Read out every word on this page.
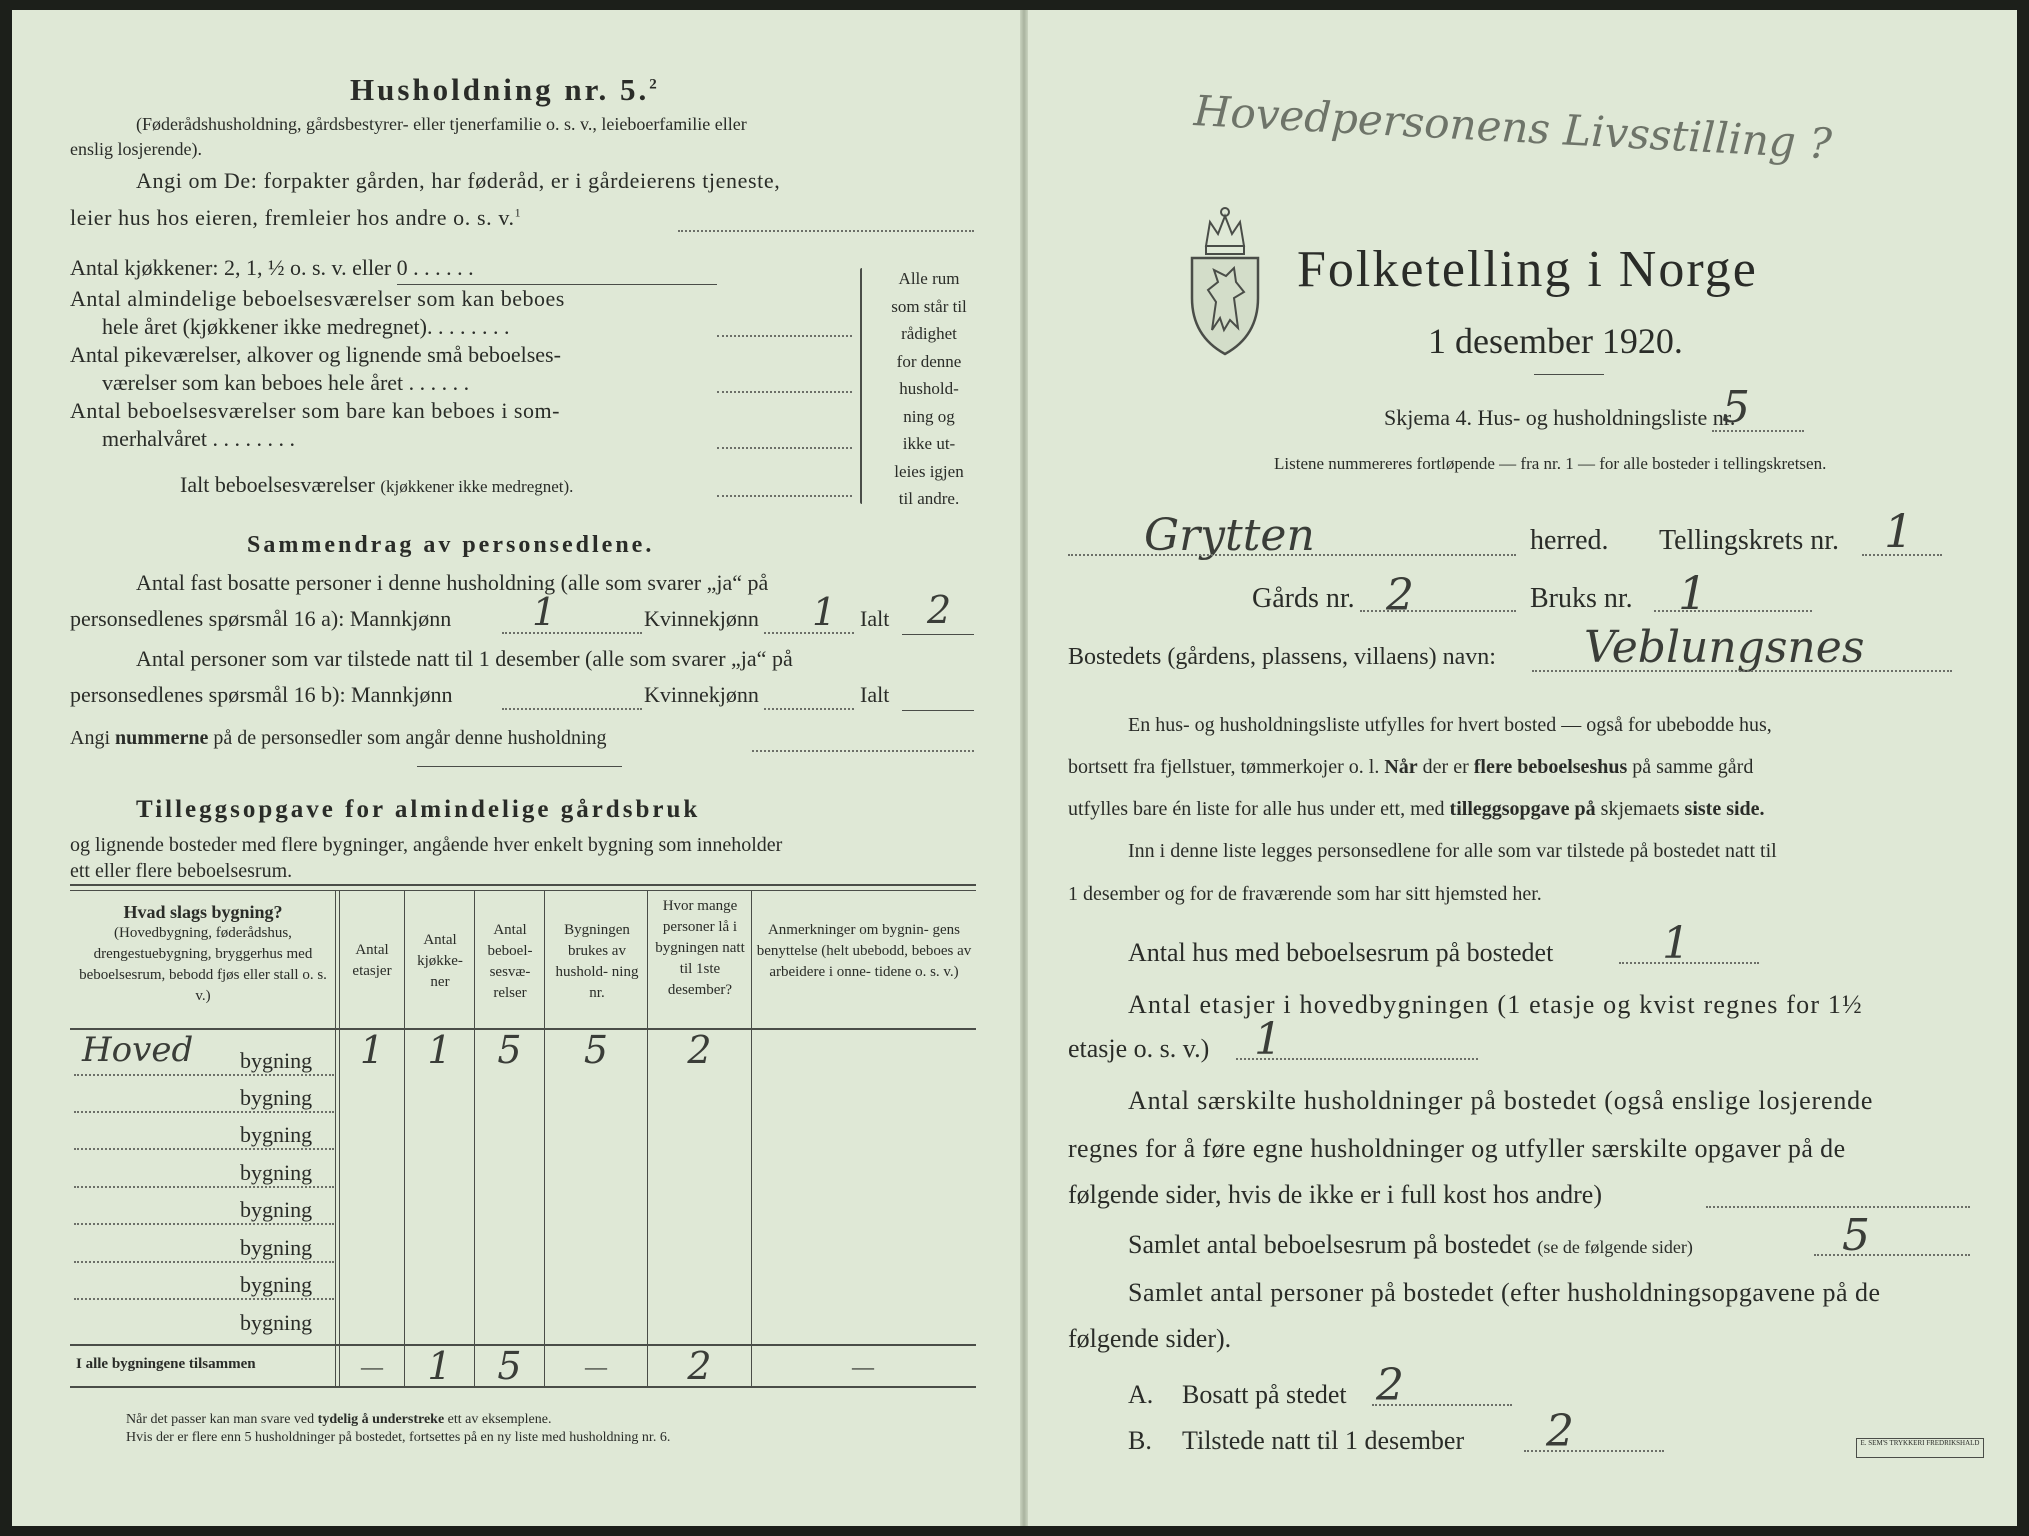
Husholdning nr. 5.$^2$
(Føderådshusholdning, gårdsbestyrer- eller tjenerfamilie o. s. v., leieboerfamilie eller
enslig losjerende).
Angi om De: forpakter gården, har føderåd, er i gårdeierens tjeneste,
leier hus hos eieren, fremleier hos andre o. s. v.$^1$
Antal kjøkkener: 2, 1, ½ o. s. v. eller 0 . . . . . .
Antal almindelige beboelsesværelser som kan beboes
hele året (kjøkkener ikke medregnet). . . . . . . .
Antal pikeværelser, alkover og lignende små beboelses-
værelser som kan beboes hele året . . . . . .
Antal beboelsesværelser som bare kan beboes i som-
merhalvåret . . . . . . . .
Ialt beboelsesværelser (kjøkkener ikke medregnet).
Alle rum
som står til
rådighet
for denne
hushold-
ning og
ikke ut-
leies igjen
til andre.
Sammendrag av personsedlene.
Antal fast bosatte personer i denne husholdning (alle som svarer „ja“ på
personsedlenes spørsmål 16 a): Mannkjønn 1	Kvinnekjønn 1 Ialt 2
Antal personer som var tilstede natt til 1 desember (alle som svarer „ja“ på
personsedlenes spørsmål 16 b): Mannkjønn	Kvinnekjønn	Ialt
Angi nummerne på de personsedler som angår denne husholdning
Tilleggsopgave for almindelige gårdsbruk
og lignende bosteder med flere bygninger, angående hver enkelt bygning som inneholder
ett eller flere beboelsesrum.
Hvad slags bygning?
(Hovedbygning, føderådshus, drengestuebygning, bryggerhus med beboelsesrum, bebodd fjøs eller stall o. s. v.)
Antal etasjer
Antal kjøkke- ner
Antal beboel- sesvæ- relser
Bygningen brukes av hushold- ning nr.
Hvor mange personer lå i bygningen natt til 1ste desember?
Anmerkninger om bygnin- gens benyttelse (helt ubebodd, beboes av arbeidere i onne- tidene o. s. v.)
Hoved bygning	1	1	5	5	2
bygning
bygning
bygning
bygning
bygning
bygning
bygning
I alle bygningene tilsammen	—	1	5	—	2	—
Når det passer kan man svare ved tydelig å understreke ett av eksemplene.
Hvis der er flere enn 5 husholdninger på bostedet, fortsettes på en ny liste med husholdning nr. 6.
Hovedpersonens Livsstilling ?
Folketelling i Norge
1 desember 1920.
Skjema 4. Hus- og husholdningsliste nr.
5
Listene nummereres fortløpende — fra nr. 1 — for alle bosteder i tellingskretsen.
Grytten	herred. Tellingskrets nr. 1
Gårds nr. 2	Bruks nr. 1
Bostedets (gårdens, plassens, villaens) navn: Veblungsnes
En hus- og husholdningsliste utfylles for hvert bosted — også for ubebodde hus,
bortsett fra fjellstuer, tømmerkojer o. l. Når der er flere beboelseshus på samme gård
utfylles bare én liste for alle hus under ett, med tilleggsopgave på skjemaets siste side.
Inn i denne liste legges personsedlene for alle som var tilstede på bostedet natt til
1 desember og for de fraværende som har sitt hjemsted her.
Antal hus med beboelsesrum på bostedet 1
Antal etasjer i hovedbygningen (1 etasje og kvist regnes for 1½
etasje o. s. v.) 1
Antal særskilte husholdninger på bostedet (også enslige losjerende
regnes for å føre egne husholdninger og utfyller særskilte opgaver på de
følgende sider, hvis de ikke er i full kost hos andre)
Samlet antal beboelsesrum på bostedet (se de følgende sider)	5
Samlet antal personer på bostedet (efter husholdningsopgavene på de
følgende sider).
A. Bosatt på stedet 2
B. Tilstede natt til 1 desember 2	E. SEM'S TRYKKERI FREDRIKSHALD
